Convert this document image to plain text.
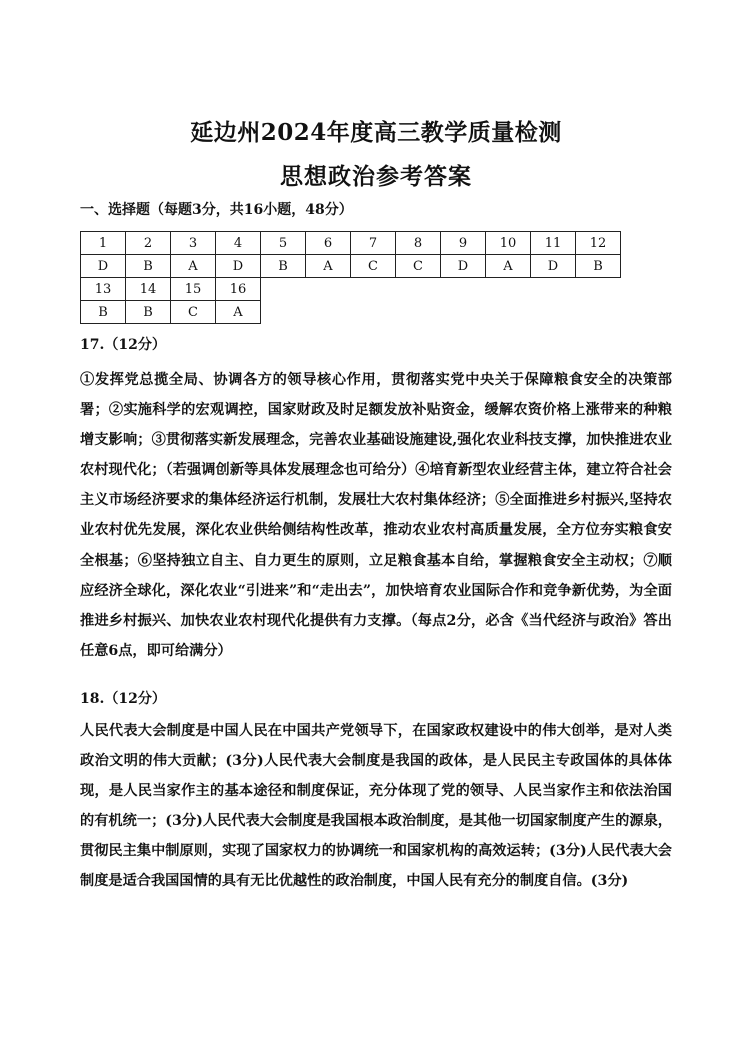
延边州2024年度高三教学质量检测
思想政治参考答案
一、选择题（每题3分，共16小题，48分）
1	2	3	4	5	6	7	8	9	10	11	12
D	B	A	D	B	A	C	C	D	A	D	B
13	14	15	16								
B	B	C	A								
17.（12分）
①发挥党总揽全局、协调各方的领导核心作用，贯彻落实党中央关于保障粮食安全的决策部署；②实施科学的宏观调控，国家财政及时足额发放补贴资金，缓解农资价格上涨带来的种粮增支影响；③贯彻落实新发展理念，完善农业基础设施建设,强化农业科技支撑，加快推进农业农村现代化；（若强调创新等具体发展理念也可给分）④培育新型农业经营主体，建立符合社会主义市场经济要求的集体经济运行机制，发展壮大农村集体经济；⑤全面推进乡村振兴,坚持农业农村优先发展，深化农业供给侧结构性改革，推动农业农村高质量发展，全方位夯实粮食安全根基；⑥坚持独立自主、自力更生的原则，立足粮食基本自给，掌握粮食安全主动权；⑦顺应经济全球化，深化农业“引进来”和“走出去”，加快培育农业国际合作和竞争新优势，为全面推进乡村振兴、加快农业农村现代化提供有力支撑。（每点2分，必含《当代经济与政治》答出任意6点，即可给满分）
18.（12分）
人民代表大会制度是中国人民在中国共产党领导下，在国家政权建设中的伟大创举，是对人类政治文明的伟大贡献；(3分)人民代表大会制度是我国的政体，是人民民主专政国体的具体体现，是人民当家作主的基本途径和制度保证，充分体现了党的领导、人民当家作主和依法治国的有机统一；(3分)人民代表大会制度是我国根本政治制度，是其他一切国家制度产生的源泉，贯彻民主集中制原则，实现了国家权力的协调统一和国家机构的高效运转；(3分)人民代表大会制度是适合我国国情的具有无比优越性的政治制度，中国人民有充分的制度自信。(3分)
